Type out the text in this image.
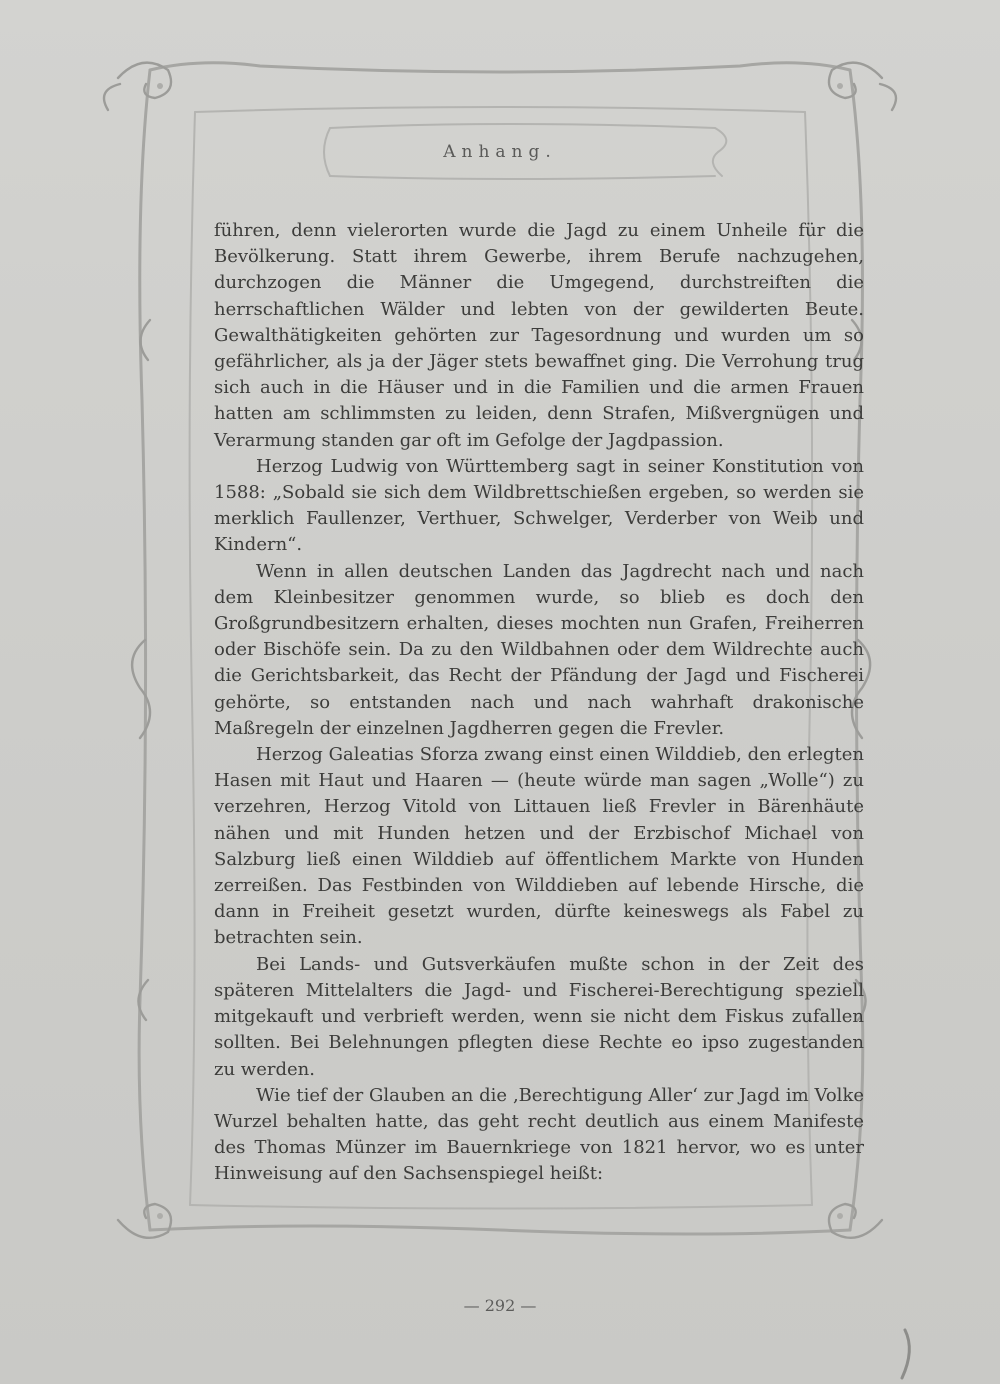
Anhang.

führen, denn vielerorten wurde die Jagd zu einem Unheile für die Bevölkerung. Statt ihrem Gewerbe, ihrem Berufe nachzugehen, durchzogen die Männer die Umgegend, durchstreiften die herrschaftlichen Wälder und lebten von der gewilderten Beute. Gewalthätigkeiten gehörten zur Tagesordnung und wurden um so gefährlicher, als ja der Jäger stets bewaffnet ging. Die Verrohung trug sich auch in die Häuser und in die Familien und die armen Frauen hatten am schlimmsten zu leiden, denn Strafen, Mißvergnügen und Verarmung standen gar oft im Gefolge der Jagdpassion.

Herzog Ludwig von Württemberg sagt in seiner Konstitution von 1588: „Sobald sie sich dem Wildbrettschießen ergeben, so werden sie merklich Faullenzer, Verthuer, Schwelger, Verderber von Weib und Kindern“.

Wenn in allen deutschen Landen das Jagdrecht nach und nach dem Kleinbesitzer genommen wurde, so blieb es doch den Großgrundbesitzern erhalten, dieses mochten nun Grafen, Freiherren oder Bischöfe sein. Da zu den Wildbahnen oder dem Wildrechte auch die Gerichtsbarkeit, das Recht der Pfändung der Jagd und Fischerei gehörte, so entstanden nach und nach wahrhaft drakonische Maßregeln der einzelnen Jagdherren gegen die Frevler.

Herzog Galeatias Sforza zwang einst einen Wilddieb, den erlegten Hasen mit Haut und Haaren — (heute würde man sagen „Wolle“) zu verzehren, Herzog Vitold von Littauen ließ Frevler in Bärenhäute nähen und mit Hunden hetzen und der Erzbischof Michael von Salzburg ließ einen Wilddieb auf öffentlichem Markte von Hunden zerreißen. Das Festbinden von Wilddieben auf lebende Hirsche, die dann in Freiheit gesetzt wurden, dürfte keineswegs als Fabel zu betrachten sein.

Bei Lands- und Gutsverkäufen mußte schon in der Zeit des späteren Mittelalters die Jagd- und Fischerei-Berechtigung speziell mitgekauft und verbrieft werden, wenn sie nicht dem Fiskus zufallen sollten. Bei Belehnungen pflegten diese Rechte eo ipso zugestanden zu werden.

Wie tief der Glauben an die ‚Berechtigung Aller‘ zur Jagd im Volke Wurzel behalten hatte, das geht recht deutlich aus einem Manifeste des Thomas Münzer im Bauernkriege von 1821 hervor, wo es unter Hinweisung auf den Sachsenspiegel heißt:

— 292 —
